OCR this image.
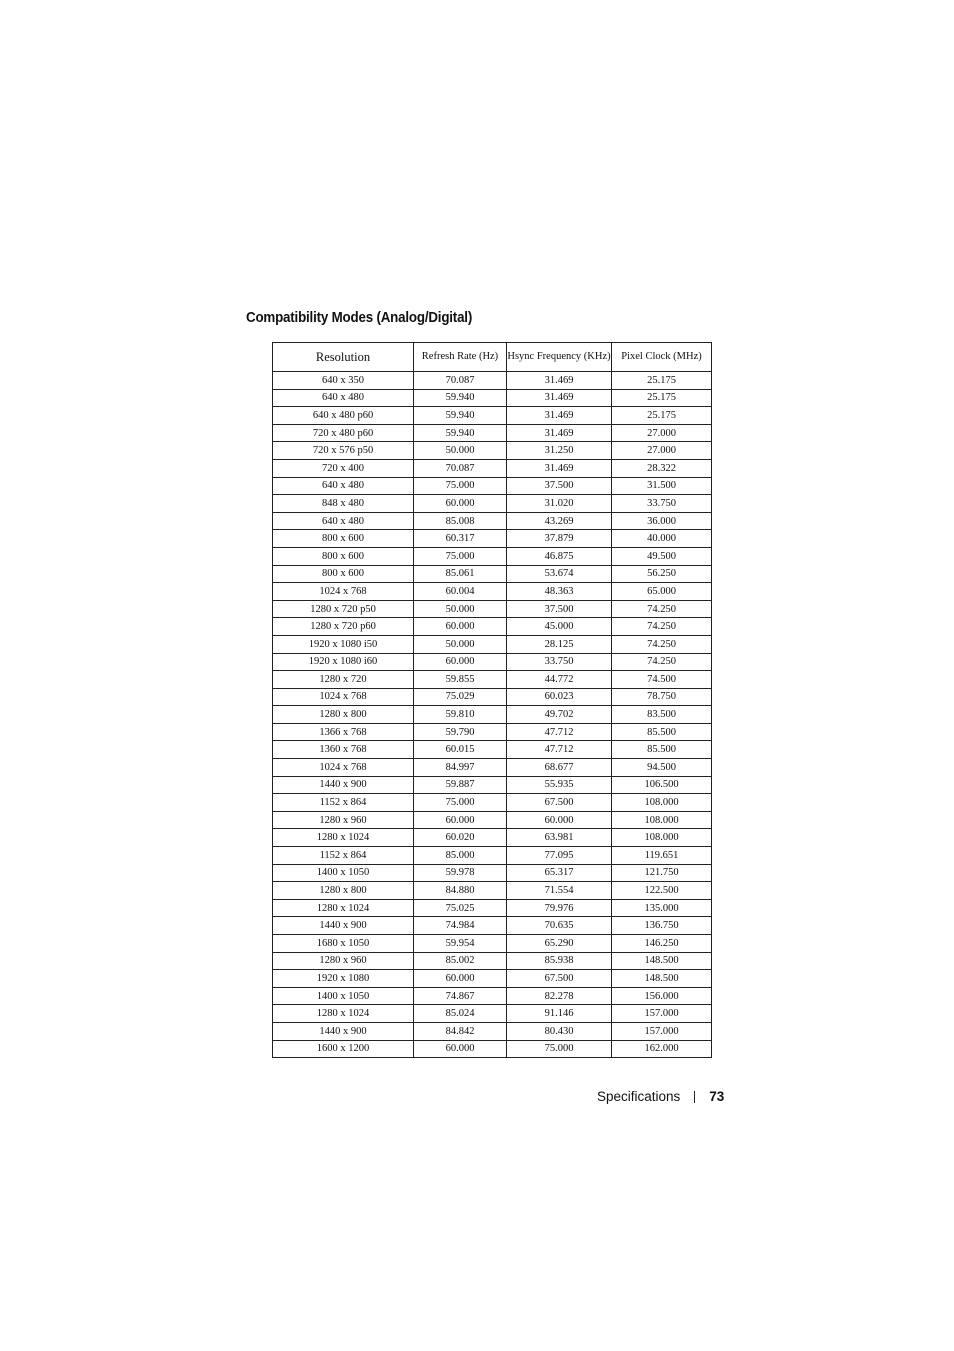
Compatibility Modes (Analog/Digital)
Resolution	Refresh Rate (Hz)	Hsync Frequency (KHz)	Pixel Clock (MHz)
640 x 350	70.087	31.469	25.175
640 x 480	59.940	31.469	25.175
640 x 480 p60	59.940	31.469	25.175
720 x 480 p60	59.940	31.469	27.000
720 x 576 p50	50.000	31.250	27.000
720 x 400	70.087	31.469	28.322
640 x 480	75.000	37.500	31.500
848 x 480	60.000	31.020	33.750
640 x 480	85.008	43.269	36.000
800 x 600	60.317	37.879	40.000
800 x 600	75.000	46.875	49.500
800 x 600	85.061	53.674	56.250
1024 x 768	60.004	48.363	65.000
1280 x 720 p50	50.000	37.500	74.250
1280 x 720 p60	60.000	45.000	74.250
1920 x 1080 i50	50.000	28.125	74.250
1920 x 1080 i60	60.000	33.750	74.250
1280 x 720	59.855	44.772	74.500
1024 x 768	75.029	60.023	78.750
1280 x 800	59.810	49.702	83.500
1366 x 768	59.790	47.712	85.500
1360 x 768	60.015	47.712	85.500
1024 x 768	84.997	68.677	94.500
1440 x 900	59.887	55.935	106.500
1152 x 864	75.000	67.500	108.000
1280 x 960	60.000	60.000	108.000
1280 x 1024	60.020	63.981	108.000
1152 x 864	85.000	77.095	119.651
1400 x 1050	59.978	65.317	121.750
1280 x 800	84.880	71.554	122.500
1280 x 1024	75.025	79.976	135.000
1440 x 900	74.984	70.635	136.750
1680 x 1050	59.954	65.290	146.250
1280 x 960	85.002	85.938	148.500
1920 x 1080	60.000	67.500	148.500
1400 x 1050	74.867	82.278	156.000
1280 x 1024	85.024	91.146	157.000
1440 x 900	84.842	80.430	157.000
1600 x 1200	60.000	75.000	162.000
Specifications 73
